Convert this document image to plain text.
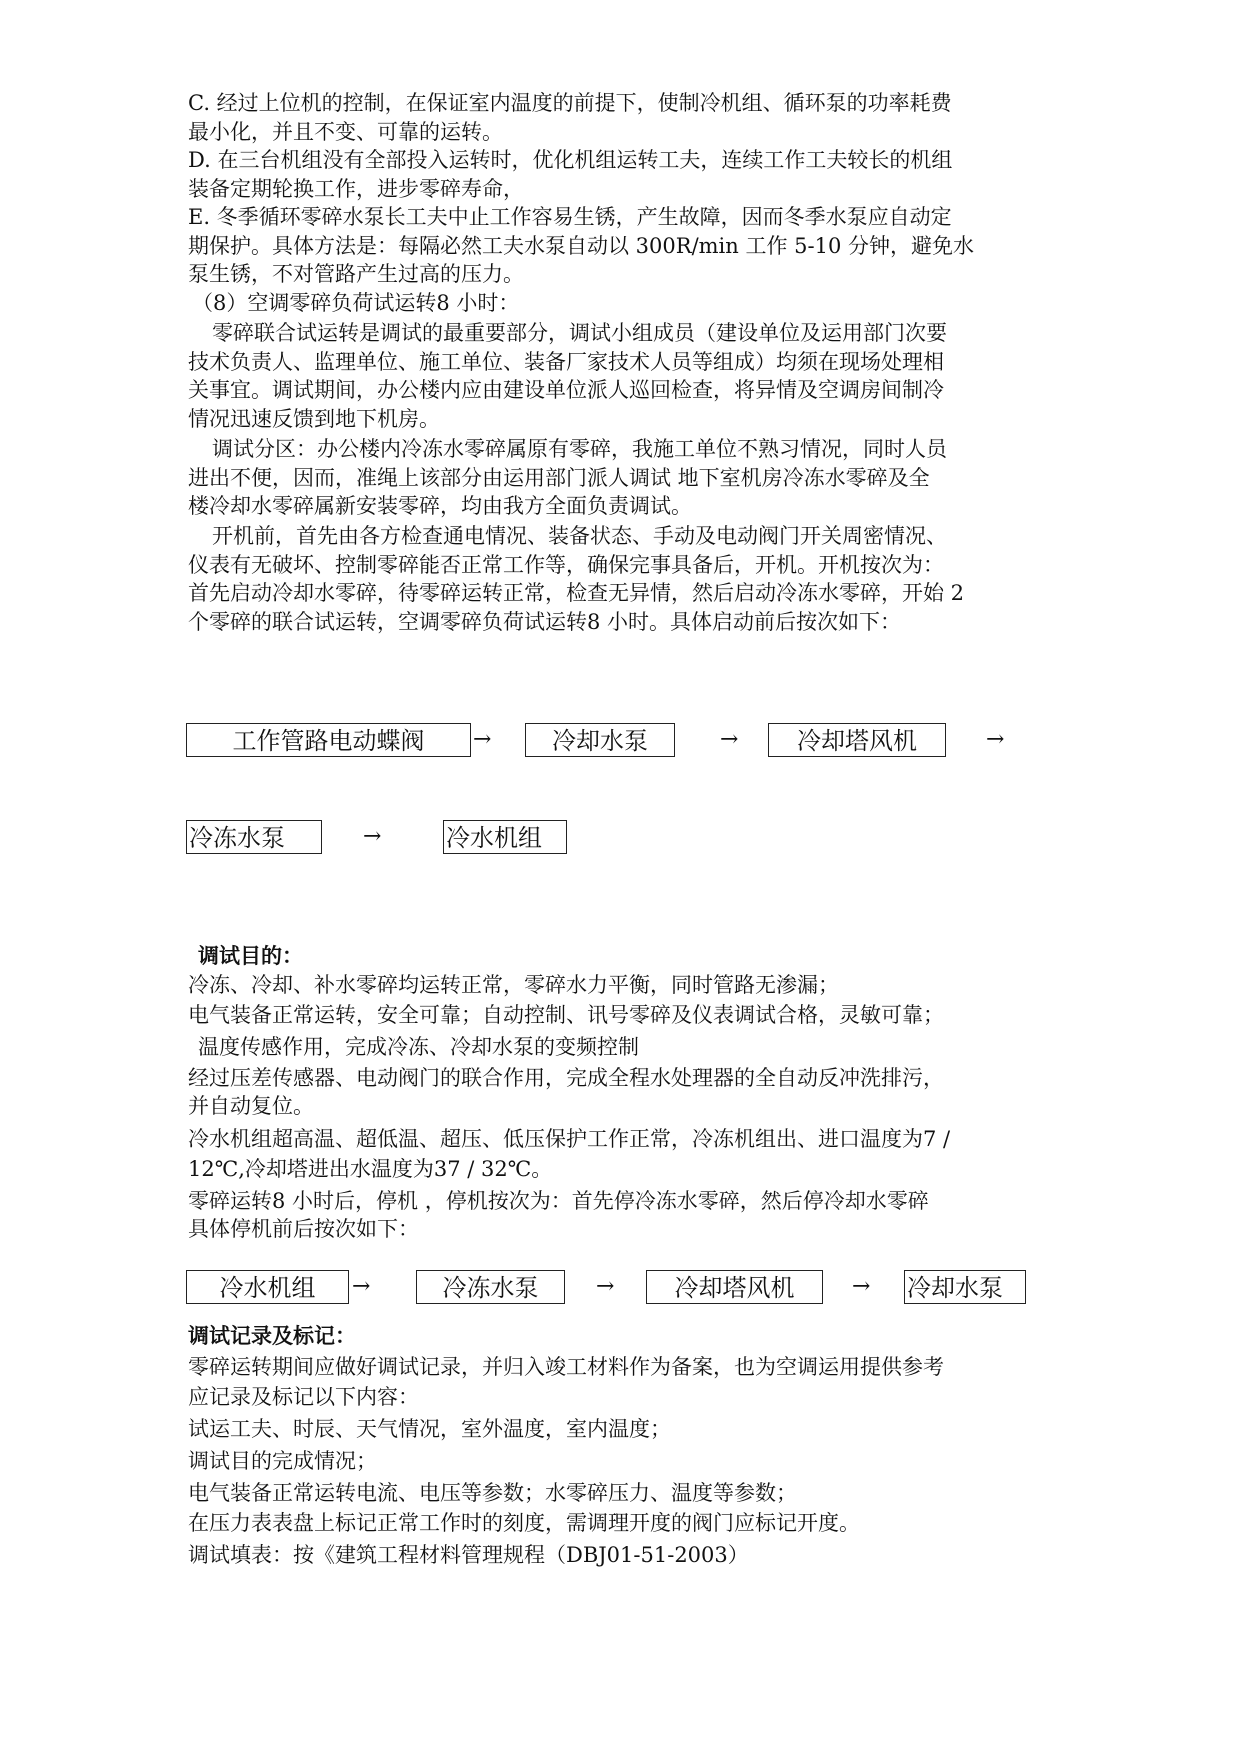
C. 经过上位机的控制，在保证室内温度的前提下，使制冷机组、循环泵的功率耗费
最小化，并且不变、可靠的运转。
D. 在三台机组没有全部投入运转时，优化机组运转工夫，连续工作工夫较长的机组
装备定期轮换工作，进步零碎寿命，
E. 冬季循环零碎水泵长工夫中止工作容易生锈，产生故障，因而冬季水泵应自动定
期保护。具体方法是：每隔必然工夫水泵自动以 300R/min 工作 5-10 分钟，避免水
泵生锈，不对管路产生过高的压力。
（8）空调零碎负荷试运转8 小时：
零碎联合试运转是调试的最重要部分，调试小组成员（建设单位及运用部门次要
技术负责人、监理单位、施工单位、装备厂家技术人员等组成）均须在现场处理相
关事宜。调试期间，办公楼内应由建设单位派人巡回检查，将异情及空调房间制冷
情况迅速反馈到地下机房。
调试分区：办公楼内冷冻水零碎属原有零碎，我施工单位不熟习情况，同时人员
进出不便，因而，准绳上该部分由运用部门派人调试 地下室机房冷冻水零碎及全
楼冷却水零碎属新安装零碎，均由我方全面负责调试。
开机前，首先由各方检查通电情况、装备状态、手动及电动阀门开关周密情况、
仪表有无破坏、控制零碎能否正常工作等，确保完事具备后，开机。开机按次为：
首先启动冷却水零碎，待零碎运转正常，检查无异情，然后启动冷冻水零碎，开始 2
个零碎的联合试运转，空调零碎负荷试运转8 小时。具体启动前后按次如下：
工作管路电动蝶阀	→	冷却水泵	→	冷却塔风机	→
冷冻水泵	→	冷水机组
调试目的：
冷冻、冷却、补水零碎均运转正常，零碎水力平衡，同时管路无渗漏；
电气装备正常运转，安全可靠；自动控制、讯号零碎及仪表调试合格，灵敏可靠；
温度传感作用，完成冷冻、冷却水泵的变频控制
经过压差传感器、电动阀门的联合作用，完成全程水处理器的全自动反冲洗排污，
并自动复位。
冷水机组超高温、超低温、超压、低压保护工作正常，冷冻机组出、进口温度为7 /
12℃,冷却塔进出水温度为37 / 32℃。
零碎运转8 小时后，停机 ，停机按次为：首先停冷冻水零碎，然后停冷却水零碎
具体停机前后按次如下：
冷水机组	→	冷冻水泵	→	冷却塔风机	→ 冷却水泵
调试记录及标记：
零碎运转期间应做好调试记录，并归入竣工材料作为备案，也为空调运用提供参考
应记录及标记以下内容：
试运工夫、时辰、天气情况，室外温度，室内温度；
调试目的完成情况；
电气装备正常运转电流、电压等参数；水零碎压力、温度等参数；
在压力表表盘上标记正常工作时的刻度，需调理开度的阀门应标记开度。
调试填表：按《建筑工程材料管理规程（DBJ01-51-2003）
